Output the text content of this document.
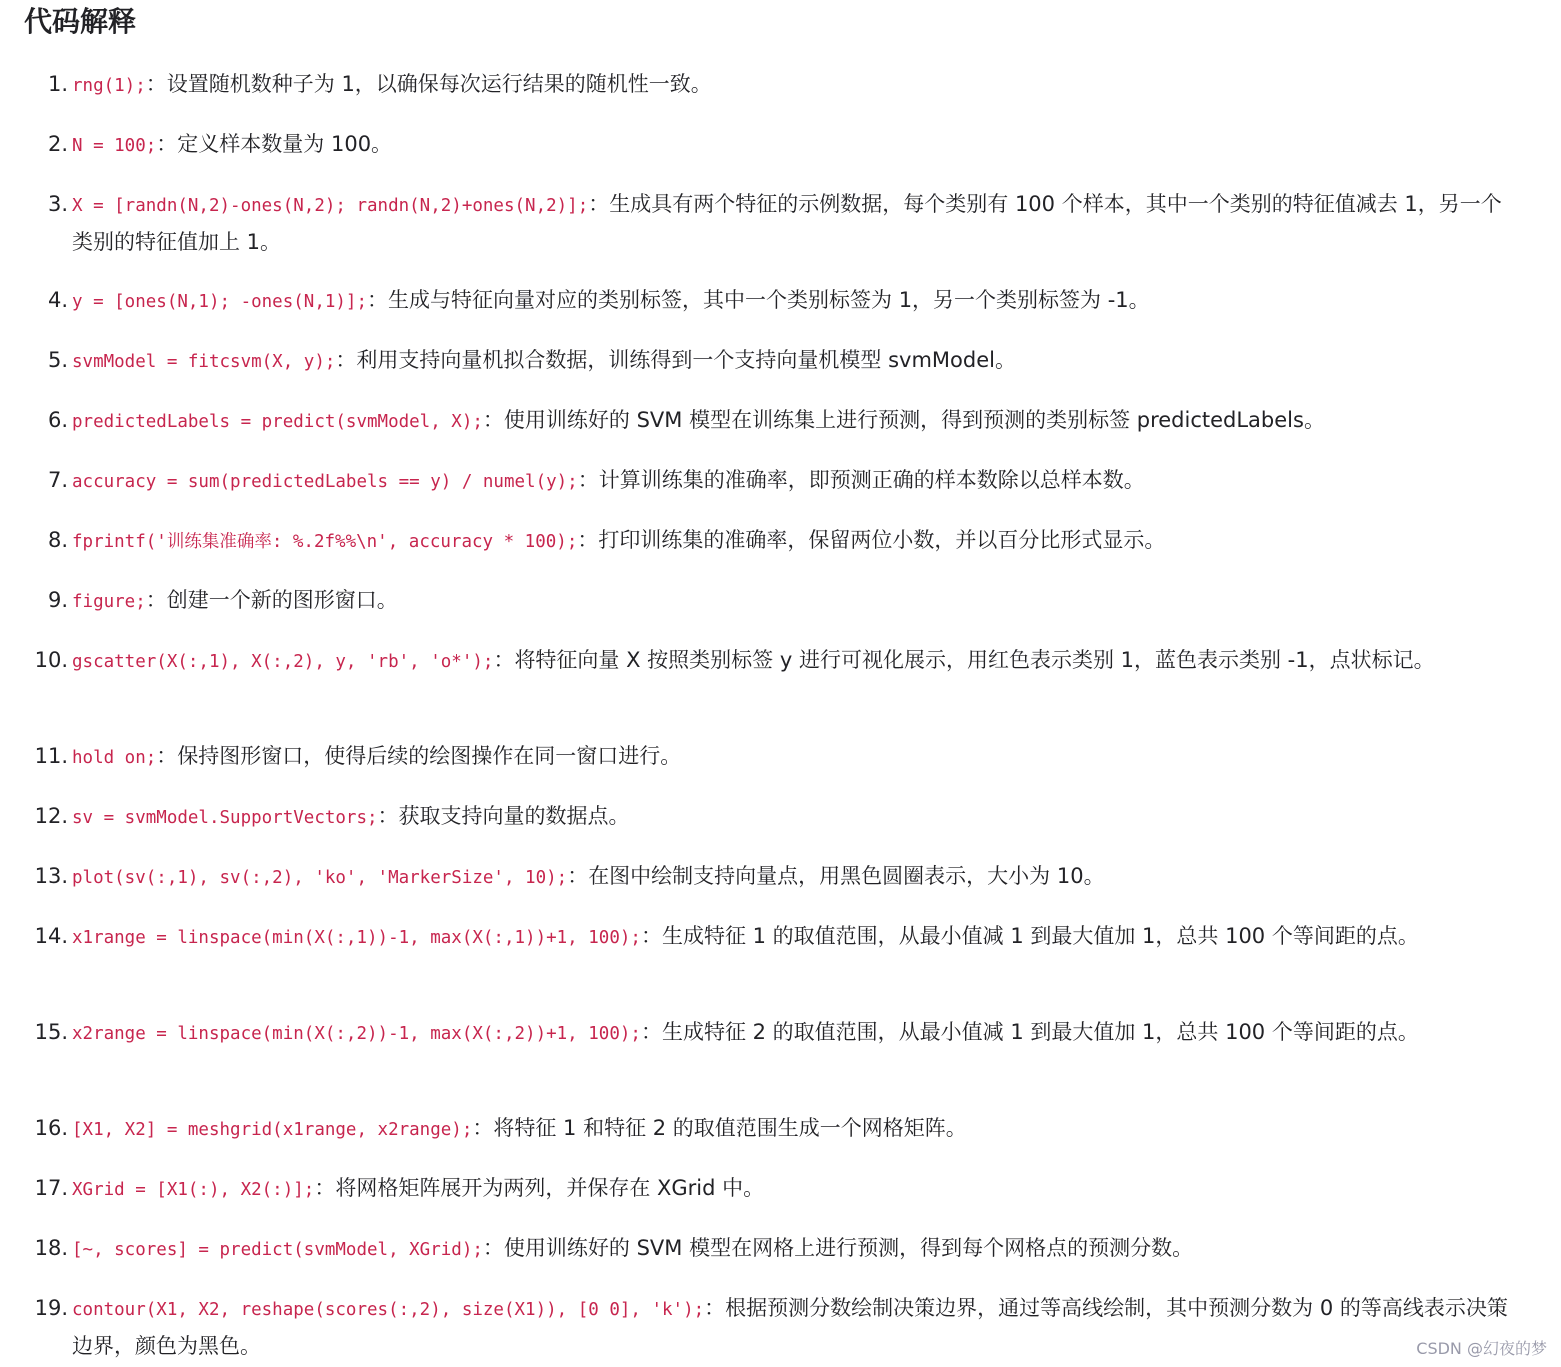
代码解释
1. rng(1);：设置随机数种子为 1，以确保每次运行结果的随机性一致。
2. N = 100;：定义样本数量为 100。
3. X = [randn(N,2)-ones(N,2); randn(N,2)+ones(N,2)];：生成具有两个特征的示例数据，每个类别有 100 个样本，其中一个类别的特征值减去 1，另一个类别的特征值加上 1。
4. y = [ones(N,1); -ones(N,1)];：生成与特征向量对应的类别标签，其中一个类别标签为 1，另一个类别标签为 -1。
5. svmModel = fitcsvm(X, y);：利用支持向量机拟合数据，训练得到一个支持向量机模型 svmModel。
6. predictedLabels = predict(svmModel, X);：使用训练好的 SVM 模型在训练集上进行预测，得到预测的类别标签 predictedLabels。
7. accuracy = sum(predictedLabels == y) / numel(y);：计算训练集的准确率，即预测正确的样本数除以总样本数。
8. fprintf('训练集准确率: %.2f%%\n', accuracy * 100);：打印训练集的准确率，保留两位小数，并以百分比形式显示。
9. figure;：创建一个新的图形窗口。
10. gscatter(X(:,1), X(:,2), y, 'rb', 'o*');：将特征向量 X 按照类别标签 y 进行可视化展示，用红色表示类别 1，蓝色表示类别 -1，点状标记。
11. hold on;：保持图形窗口，使得后续的绘图操作在同一窗口进行。
12. sv = svmModel.SupportVectors;：获取支持向量的数据点。
13. plot(sv(:,1), sv(:,2), 'ko', 'MarkerSize', 10);：在图中绘制支持向量点，用黑色圆圈表示，大小为 10。
14. x1range = linspace(min(X(:,1))-1, max(X(:,1))+1, 100);：生成特征 1 的取值范围，从最小值减 1 到最大值加 1，总共 100 个等间距的点。
15. x2range = linspace(min(X(:,2))-1, max(X(:,2))+1, 100);：生成特征 2 的取值范围，从最小值减 1 到最大值加 1，总共 100 个等间距的点。
16. [X1, X2] = meshgrid(x1range, x2range);：将特征 1 和特征 2 的取值范围生成一个网格矩阵。
17. XGrid = [X1(:), X2(:)];：将网格矩阵展开为两列，并保存在 XGrid 中。
18. [~, scores] = predict(svmModel, XGrid);：使用训练好的 SVM 模型在网格上进行预测，得到每个网格点的预测分数。
19. contour(X1, X2, reshape(scores(:,2), size(X1)), [0 0], 'k');：根据预测分数绘制决策边界，通过等高线绘制，其中预测分数为 0 的等高线表示决策边界，颜色为黑色。	CSDN @幻夜的梦
